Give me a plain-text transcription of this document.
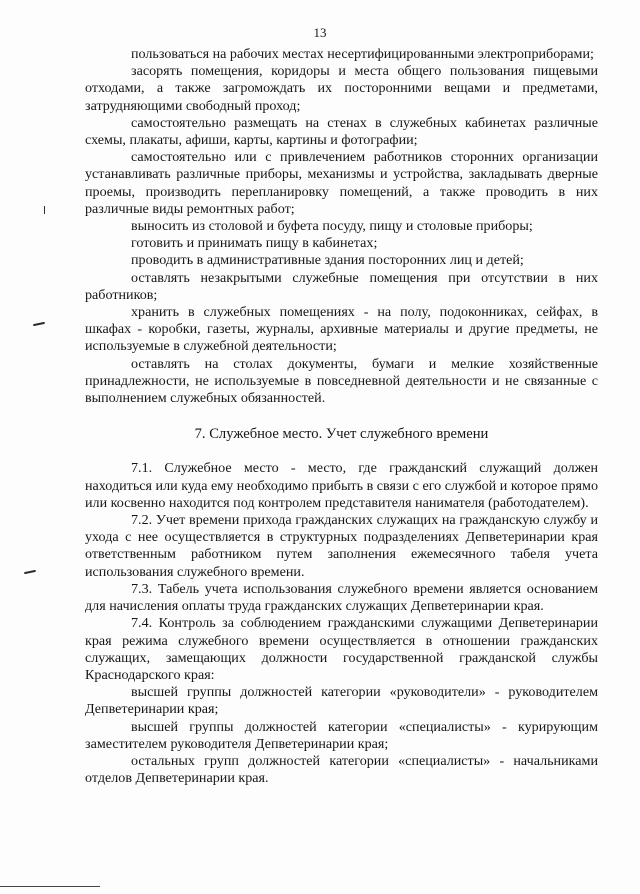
13

пользоваться на рабочих местах несертифицированными электроприборами;

засорять помещения, коридоры и места общего пользования пищевыми отходами, а также загромождать их посторонними вещами и предметами, затрудняющими свободный проход;

самостоятельно размещать на стенах в служебных кабинетах различные схемы, плакаты, афиши, карты, картины и фотографии;

самостоятельно или с привлечением работников сторонних организации устанавливать различные приборы, механизмы и устройства, закладывать дверные проемы, производить перепланировку помещений, а также проводить в них различные виды ремонтных работ;

выносить из столовой и буфета посуду, пищу и столовые приборы;

готовить и принимать пищу в кабинетах;

проводить в административные здания посторонних лиц и детей;

оставлять незакрытыми служебные помещения при отсутствии в них работников;

хранить в служебных помещениях - на полу, подоконниках, сейфах, в шкафах - коробки, газеты, журналы, архивные материалы и другие предметы, не используемые в служебной деятельности;

оставлять на столах документы, бумаги и мелкие хозяйственные принадлежности, не используемые в повседневной деятельности и не связанные с выполнением служебных обязанностей.

7. Служебное место. Учет служебного времени

7.1. Служебное место - место, где гражданский служащий должен находиться или куда ему необходимо прибыть в связи с его службой и которое прямо или косвенно находится под контролем представителя нанимателя (работодателем).

7.2. Учет времени прихода гражданских служащих на гражданскую службу и ухода с нее осуществляется в структурных подразделениях Депветеринарии края ответственным работником путем заполнения ежемесячного табеля учета использования служебного времени.

7.3. Табель учета использования служебного времени является основанием для начисления оплаты труда гражданских служащих Депветеринарии края.

7.4. Контроль за соблюдением гражданскими служащими Депветеринарии края режима служебного времени осуществляется в отношении гражданских служащих, замещающих должности государственной гражданской службы Краснодарского края:

высшей группы должностей категории «руководители» - руководителем Депветеринарии края;

высшей группы должностей категории «специалисты» - курирующим заместителем руководителя Депветеринарии края;

остальных групп должностей категории «специалисты» - начальниками отделов Депветеринарии края.
